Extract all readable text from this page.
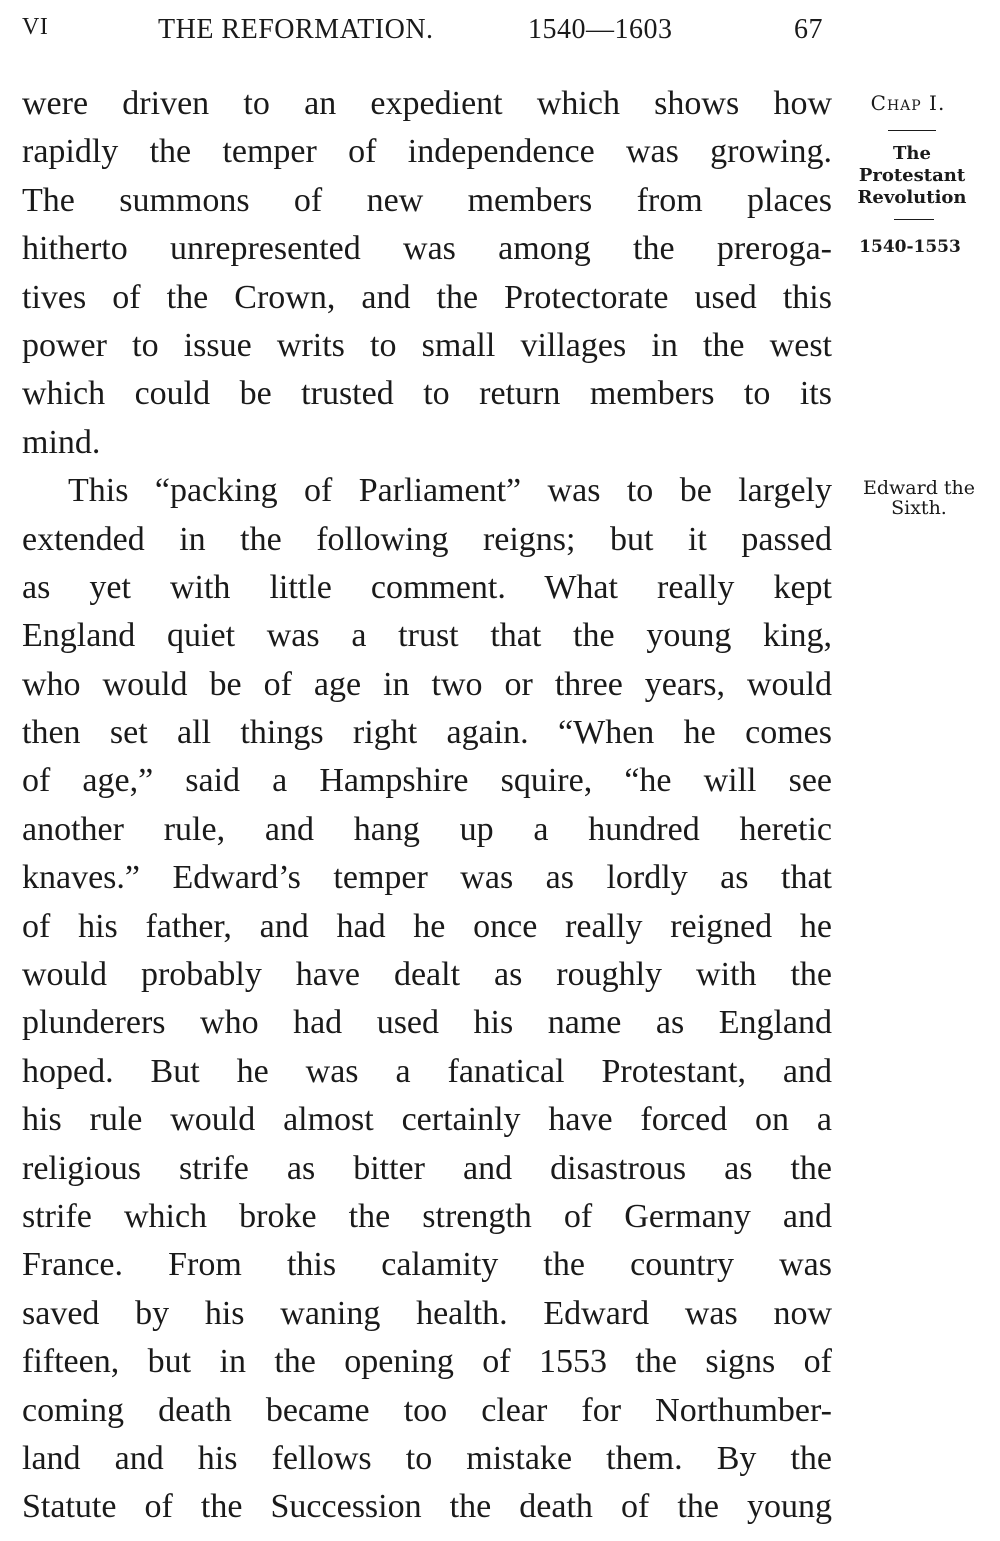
VI	THE REFORMATION.	1540—1603	67
were driven to an expedient which shows how
rapidly the temper of independence was growing.
The summons of new members from places
hitherto unrepresented was among the preroga-
tives of the Crown, and the Protectorate used this
power to issue writs to small villages in the west
which could be trusted to return members to its
mind.
This “packing of Parliament” was to be largely
extended in the following reigns; but it passed
as yet with little comment. What really kept
England quiet was a trust that the young king,
who would be of age in two or three years, would
then set all things right again. “When he comes
of age,” said a Hampshire squire, “he will see
another rule, and hang up a hundred heretic
knaves.” Edward’s temper was as lordly as that
of his father, and had he once really reigned he
would probably have dealt as roughly with the
plunderers who had used his name as England
hoped. But he was a fanatical Protestant, and
his rule would almost certainly have forced on a
religious strife as bitter and disastrous as the
strife which broke the strength of Germany and
France. From this calamity the country was
saved by his waning health. Edward was now
fifteen, but in the opening of 1553 the signs of
coming death became too clear for Northumber-
land and his fellows to mistake them. By the
Statute of the Succession the death of the young
Chap I.
The
Protestant
Revolution
1540-1553
Edward the
Sixth.
